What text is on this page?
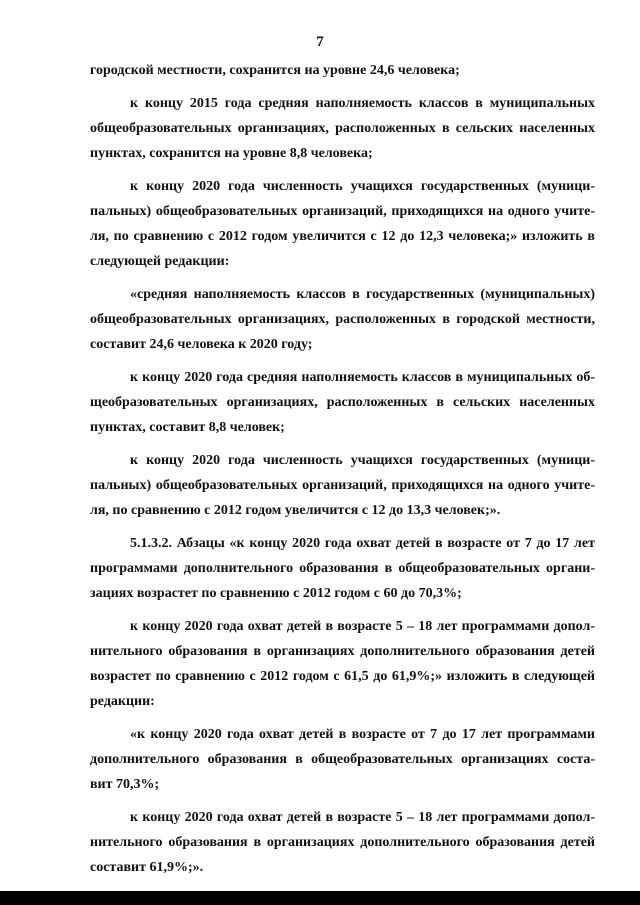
7
городской местности, сохранится на уровне 24,6 человека;
к концу 2015 года средняя наполняемость классов в муниципальных
общеобразовательных организациях, расположенных в сельских населенных
пунктах, сохранится на уровне 8,8 человека;
к концу 2020 года численность учащихся государственных (муници-
пальных) общеобразовательных организаций, приходящихся на одного учите-
ля, по сравнению с 2012 годом увеличится с 12 до 12,3 человека;» изложить в
следующей редакции:
«средняя наполняемость классов в государственных (муниципальных)
общеобразовательных организациях, расположенных в городской местности,
составит 24,6 человека к 2020 году;
к концу 2020 года средняя наполняемость классов в муниципальных об-
щеобразовательных организациях, расположенных в сельских населенных
пунктах, составит 8,8 человек;
к концу 2020 года численность учащихся государственных (муници-
пальных) общеобразовательных организаций, приходящихся на одного учите-
ля, по сравнению с 2012 годом увеличится с 12 до 13,3 человек;».
5.1.3.2. Абзацы «к концу 2020 года охват детей в возрасте от 7 до 17 лет
программами дополнительного образования в общеобразовательных органи-
зациях возрастет по сравнению с 2012 годом с 60 до 70,3%;
к концу 2020 года охват детей в возрасте 5 – 18 лет программами допол-
нительного образования в организациях дополнительного образования детей
возрастет по сравнению с 2012 годом с 61,5 до 61,9%;» изложить в следующей
редакции:
«к концу 2020 года охват детей в возрасте от 7 до 17 лет программами
дополнительного образования в общеобразовательных организациях соста-
вит 70,3%;
к концу 2020 года охват детей в возрасте 5 – 18 лет программами допол-
нительного образования в организациях дополнительного образования детей
составит 61,9%;».
